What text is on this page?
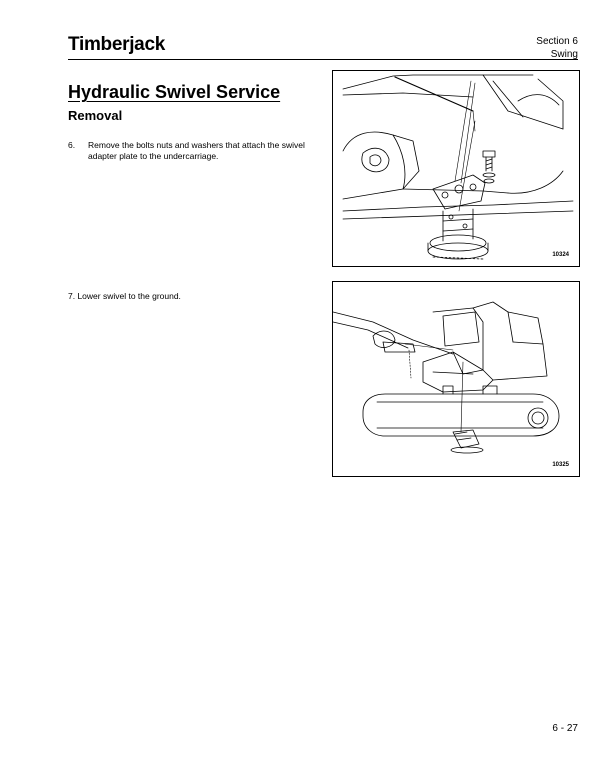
Timberjack	Section 6
Swing
Hydraulic Swivel Service
Removal
6. Remove the bolts nuts and washers that attach the swivel adapter plate to the undercarriage.
7. Lower swivel to the ground.
10324
10325
6 - 27
